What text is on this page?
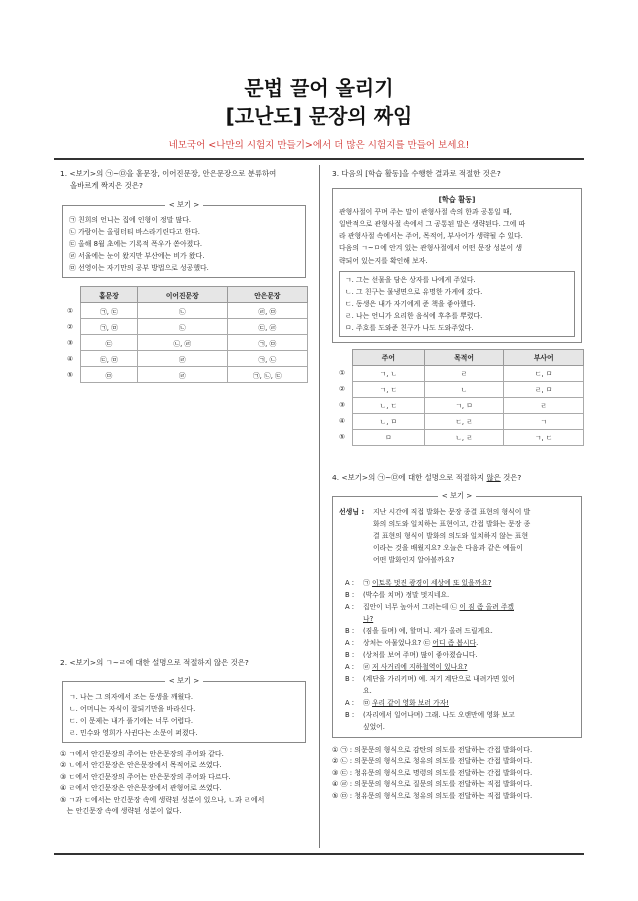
문법 끌어 올리기
[고난도] 문장의 짜임
네모국어 <나만의 시험지 만들기>에서 더 많은 시험지를 만들어 보세요!
1. <보기>의 ㉠~㉤을 홑문장, 이어진문장, 안은문장으로 분류하여
올바르게 짝지은 것은?
< 보기 >
㉠ 친희의 언니는 집에 인형이 정말 많다.
㉡ 가람이는 올림터티 바스라기린다고 한다.
㉢ 올해 8월 초에는 기록적 폭우가 쏟아졌다.
㉣ 서울에는 눈이 왔지만 부산에는 비가 왔다.
㉤ 선영이는 자기만의 공부 방법으로 성공했다.
	홑문장	이어진문장	안은문장
①	㉠, ㉢	㉡	㉣, ㉤
②	㉠, ㉤	㉡	㉢, ㉣
③	㉢	㉡, ㉣	㉠, ㉤
④	㉢, ㉤	㉣	㉠, ㉡
⑤	㉤	㉣	㉠, ㉡, ㉢
2. <보기>의 ㄱ~ㄹ에 대한 설명으로 적절하지 않은 것은?
< 보기 >
ㄱ. 나는 그 의자에서 조는 동생을 깨웠다.
ㄴ. 어머니는 자식이 잘되기만을 바라신다.
ㄷ. 이 문제는 내가 풀기에는 너무 어렵다.
ㄹ. 민수와 영희가 사귄다는 소문이 퍼졌다.
① ㄱ에서 안긴문장의 주어는 안은문장의 주어와 같다.
② ㄴ에서 안긴문장은 안은문장에서 목적어로 쓰였다.
③ ㄷ에서 안긴문장의 주어는 안은문장의 주어와 다르다.
④ ㄹ에서 안긴문장은 안은문장에서 관형어로 쓰였다.
⑤ ㄱ과 ㄷ에서는 안긴문장 속에 생략된 성분이 있으나, ㄴ과 ㄹ에서
는 안긴문장 속에 생략된 성분이 없다.
3. 다음의 [학습 활동]을 수행한 결과로 적절한 것은?
[학습 활동]
관형사절이 꾸며 주는 말이 관형사절 속의 한과 공통일 때,
일반적으로 관형사절 속에서 그 공통된 말은 생략된다. 그에 따
라 관형사절 속에서는 주어, 목적어, 부사어가 생략될 수 있다.
다음의 ㄱ~ㅁ에 안겨 있는 관형사절에서 어떤 문장 성분이 생
략되어 있는지를 확인해 보자.
ㄱ. 그는 선물을 담은 상자를 나에게 주었다.
ㄴ. 그 친구는 물냉면으로 유명한 가게에 갔다.
ㄷ. 동생은 내가 자기에게 준 책을 좋아했다.
ㄹ. 나는 언니가 요리한 음식에 후추를 뿌렸다.
ㅁ. 주호를 도와준 친구가 나도 도와주었다.
	주어	목적어	부사어
①	ㄱ, ㄴ	ㄹ	ㄷ, ㅁ
②	ㄱ, ㄷ	ㄴ	ㄹ, ㅁ
③	ㄴ, ㄷ	ㄱ, ㅁ	ㄹ
④	ㄴ, ㅁ	ㄷ, ㄹ	ㄱ
⑤	ㅁ	ㄴ, ㄹ	ㄱ, ㄷ
4. <보기>의 ㉠~㉤에 대한 설명으로 적절하지 않은 것은?
< 보기 >
선생님 :	지난 시간에 직접 발화는 문장 종결 표현의 형식이 발
화의 의도와 일치하는 표현이고, 간접 발화는 문장 종
결 표현의 형식이 발화의 의도와 일치하지 않는 표현
이라는 것을 배웠지요? 오늘은 다음과 같은 예들이
어떤 발화인지 알아볼까요?
A : ㉠ 이토록 멋진 광경이 세상에 또 있을까요?
B : (박수를 치며) 정말 멋지네요.
A : 집안이 너무 높아서 그러는데 ㉡ 이 짐 좀 올려 주겠
나?
B : (짐을 들며) 예, 할머니. 제가 올려 드릴게요.
A : 상처는 아물었나요? ㉢ 어디 좀 봅시다.
B : (상처를 보여 주며) 많이 좋아졌습니다.
A : ㉣ 저 사거리에 지하철역이 있나요?
B : (계단을 가리키며) 예. 저기 계단으로 내려가면 있어
요.
A : ㉤ 우리 같이 영화 보러 가자!
B : (자리에서 일어나며) 그래. 나도 오랜만에 영화 보고
싶었어.
① ㉠ : 의문문의 형식으로 감탄의 의도를 전달하는 간접 발화이다.
② ㉡ : 의문문의 형식으로 청유의 의도를 전달하는 간접 발화이다.
③ ㉢ : 청유문의 형식으로 명령의 의도를 전달하는 간접 발화이다.
④ ㉣ : 의문문의 형식으로 질문의 의도를 전달하는 직접 발화이다.
⑤ ㉤ : 청유문의 형식으로 청유의 의도를 전달하는 직접 발화이다.
